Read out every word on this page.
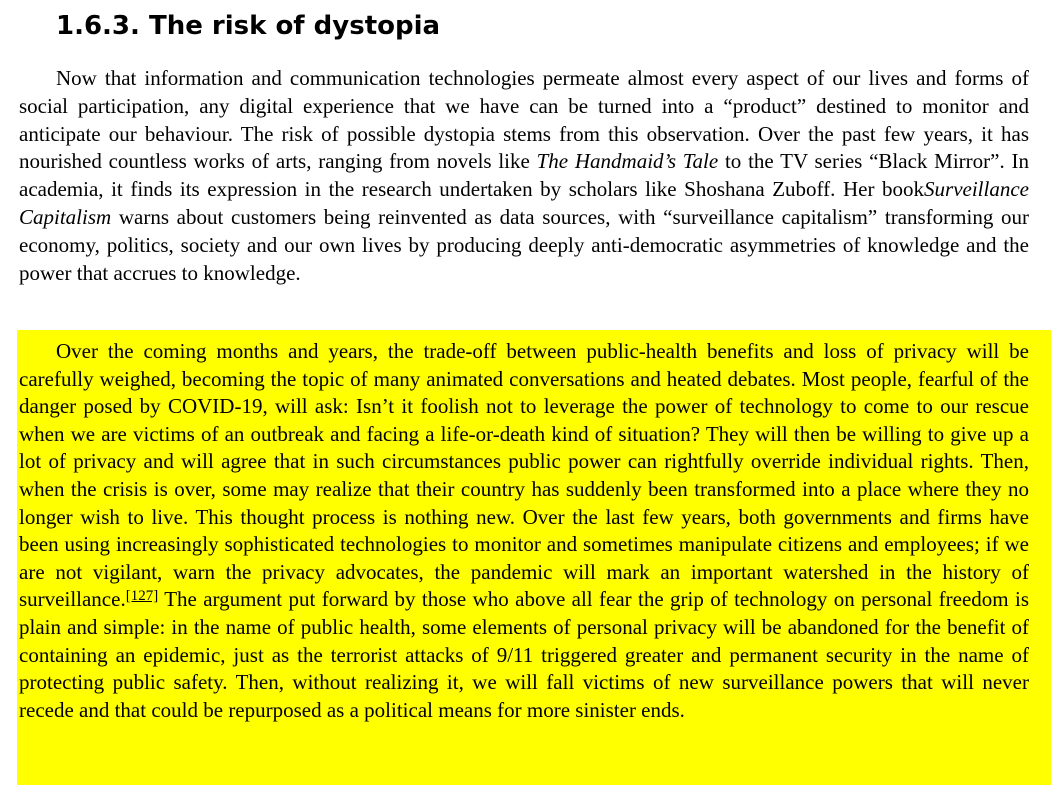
1.6.3. The risk of dystopia

Now that information and communication technologies permeate almost every aspect of our lives and forms of social participation, any digital experience that we have can be turned into a “product” destined to monitor and anticipate our behaviour. The risk of possible dystopia stems from this observation. Over the past few years, it has nourished countless works of arts, ranging from novels like The Handmaid’s Tale to the TV series “Black Mirror”. In academia, it finds its expression in the research undertaken by scholars like Shoshana Zuboff. Her bookSurveillance Capitalism warns about customers being reinvented as data sources, with “surveillance capitalism” transforming our economy, politics, society and our own lives by producing deeply anti-democratic asymmetries of knowledge and the power that accrues to knowledge.

Over the coming months and years, the trade-off between public-health benefits and loss of privacy will be carefully weighed, becoming the topic of many animated conversations and heated debates. Most people, fearful of the danger posed by COVID-19, will ask: Isn’t it foolish not to leverage the power of technology to come to our rescue when we are victims of an outbreak and facing a life-or-death kind of situation? They will then be willing to give up a lot of privacy and will agree that in such circumstances public power can rightfully override individual rights. Then, when the crisis is over, some may realize that their country has suddenly been transformed into a place where they no longer wish to live. This thought process is nothing new. Over the last few years, both governments and firms have been using increasingly sophisticated technologies to monitor and sometimes manipulate citizens and employees; if we are not vigilant, warn the privacy advocates, the pandemic will mark an important watershed in the history of surveillance.[127] The argument put forward by those who above all fear the grip of technology on personal freedom is plain and simple: in the name of public health, some elements of personal privacy will be abandoned for the benefit of containing an epidemic, just as the terrorist attacks of 9/11 triggered greater and permanent security in the name of protecting public safety. Then, without realizing it, we will fall victims of new surveillance powers that will never recede and that could be repurposed as a political means for more sinister ends.
